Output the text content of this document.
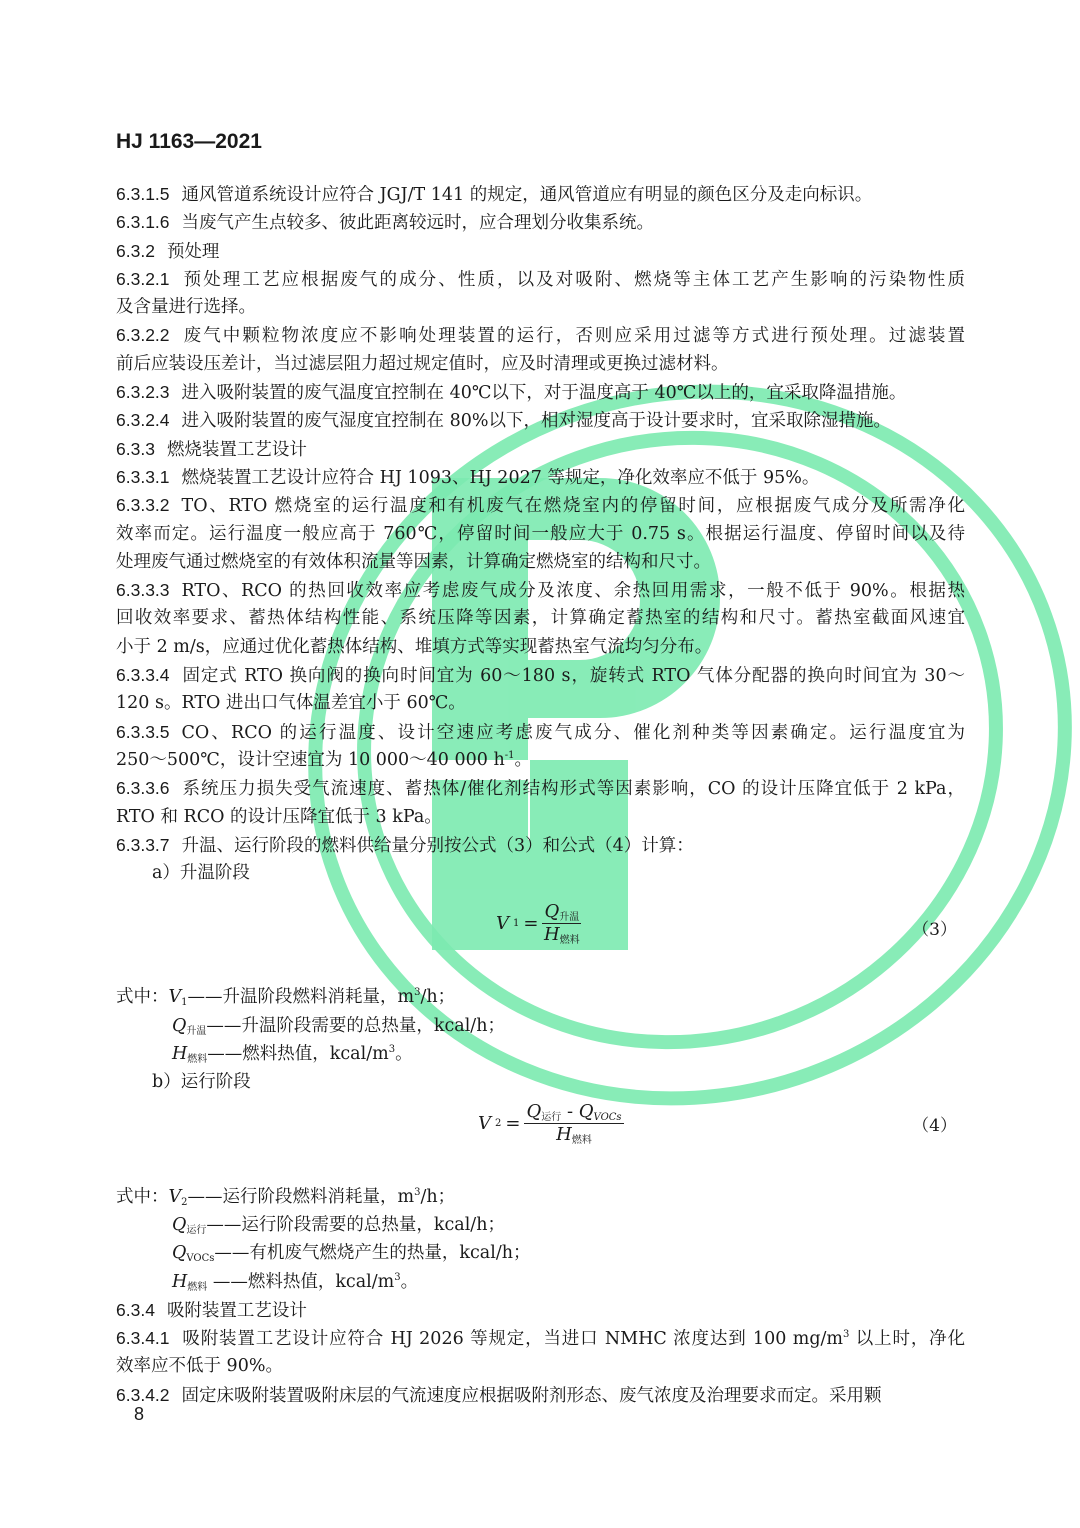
HJ 1163—2021
6.3.1.5 通风管道系统设计应符合 JGJ/T 141 的规定，通风管道应有明显的颜色区分及走向标识。
6.3.1.6 当废气产生点较多、彼此距离较远时，应合理划分收集系统。
6.3.2 预处理
6.3.2.1 预处理工艺应根据废气的成分、性质，以及对吸附、燃烧等主体工艺产生影响的污染物性质
及含量进行选择。
6.3.2.2 废气中颗粒物浓度应不影响处理装置的运行，否则应采用过滤等方式进行预处理。过滤装置
前后应装设压差计，当过滤层阻力超过规定值时，应及时清理或更换过滤材料。
6.3.2.3 进入吸附装置的废气温度宜控制在 40℃以下，对于温度高于 40℃以上的，宜采取降温措施。
6.3.2.4 进入吸附装置的废气湿度宜控制在 80%以下，相对湿度高于设计要求时，宜采取除湿措施。
6.3.3 燃烧装置工艺设计
6.3.3.1 燃烧装置工艺设计应符合 HJ 1093、HJ 2027 等规定，净化效率应不低于 95%。
6.3.3.2 TO、RTO 燃烧室的运行温度和有机废气在燃烧室内的停留时间，应根据废气成分及所需净化
效率而定。运行温度一般应高于 760℃，停留时间一般应大于 0.75 s。根据运行温度、停留时间以及待
处理废气通过燃烧室的有效体积流量等因素，计算确定燃烧室的结构和尺寸。
6.3.3.3 RTO、RCO 的热回收效率应考虑废气成分及浓度、余热回用需求，一般不低于 90%。根据热
回收效率要求、蓄热体结构性能、系统压降等因素，计算确定蓄热室的结构和尺寸。蓄热室截面风速宜
小于 2 m/s，应通过优化蓄热体结构、堆填方式等实现蓄热室气流均匀分布。
6.3.3.4 固定式 RTO 换向阀的换向时间宜为 60～180 s，旋转式 RTO 气体分配器的换向时间宜为 30～
120 s。RTO 进出口气体温差宜小于 60℃。
6.3.3.5 CO、RCO 的运行温度、设计空速应考虑废气成分、催化剂种类等因素确定。运行温度宜为
250～500℃，设计空速宜为 10 000～40 000 $h^{-1}$。
6.3.3.6 系统压力损失受气流速度、蓄热体/催化剂结构形式等因素影响，CO 的设计压降宜低于 2 kPa，
RTO 和 RCO 的设计压降宜低于 3 kPa。
6.3.3.7 升温、运行阶段的燃料供给量分别按公式（3）和公式（4）计算：
a）升温阶段
V $1 = \frac{Q_{升温}}{H_{燃料}}$	（3）
式中：$V_1——$升温阶段燃料消耗量，$m^3/h$；
$Q_{升温}——$升温阶段需要的总热量，kcal/h；
$H_{燃料}——$燃料热值，kcal/$m^3$。
b）运行阶段
V $2 = \frac{Q_{运行} - Q_{VOCs}}{H_{燃料}}$	（4）
式中：$V_2——$运行阶段燃料消耗量，$m^3/h$；
$Q_{运行}——$运行阶段需要的总热量，kcal/h；
$Q_{VOCs}——$有机废气燃烧产生的热量，kcal/h；
$H_{燃料}$ ——燃料热值，kcal/$m^3$。
6.3.4 吸附装置工艺设计
6.3.4.1 吸附装置工艺设计应符合 HJ 2026 等规定，当进口 NMHC 浓度达到 100 $mg/m^3$ 以上时，净化
效率应不低于 90%。
6.3.4.2 固定床吸附装置吸附床层的气流速度应根据吸附剂形态、废气浓度及治理要求而定。采用颗
8
